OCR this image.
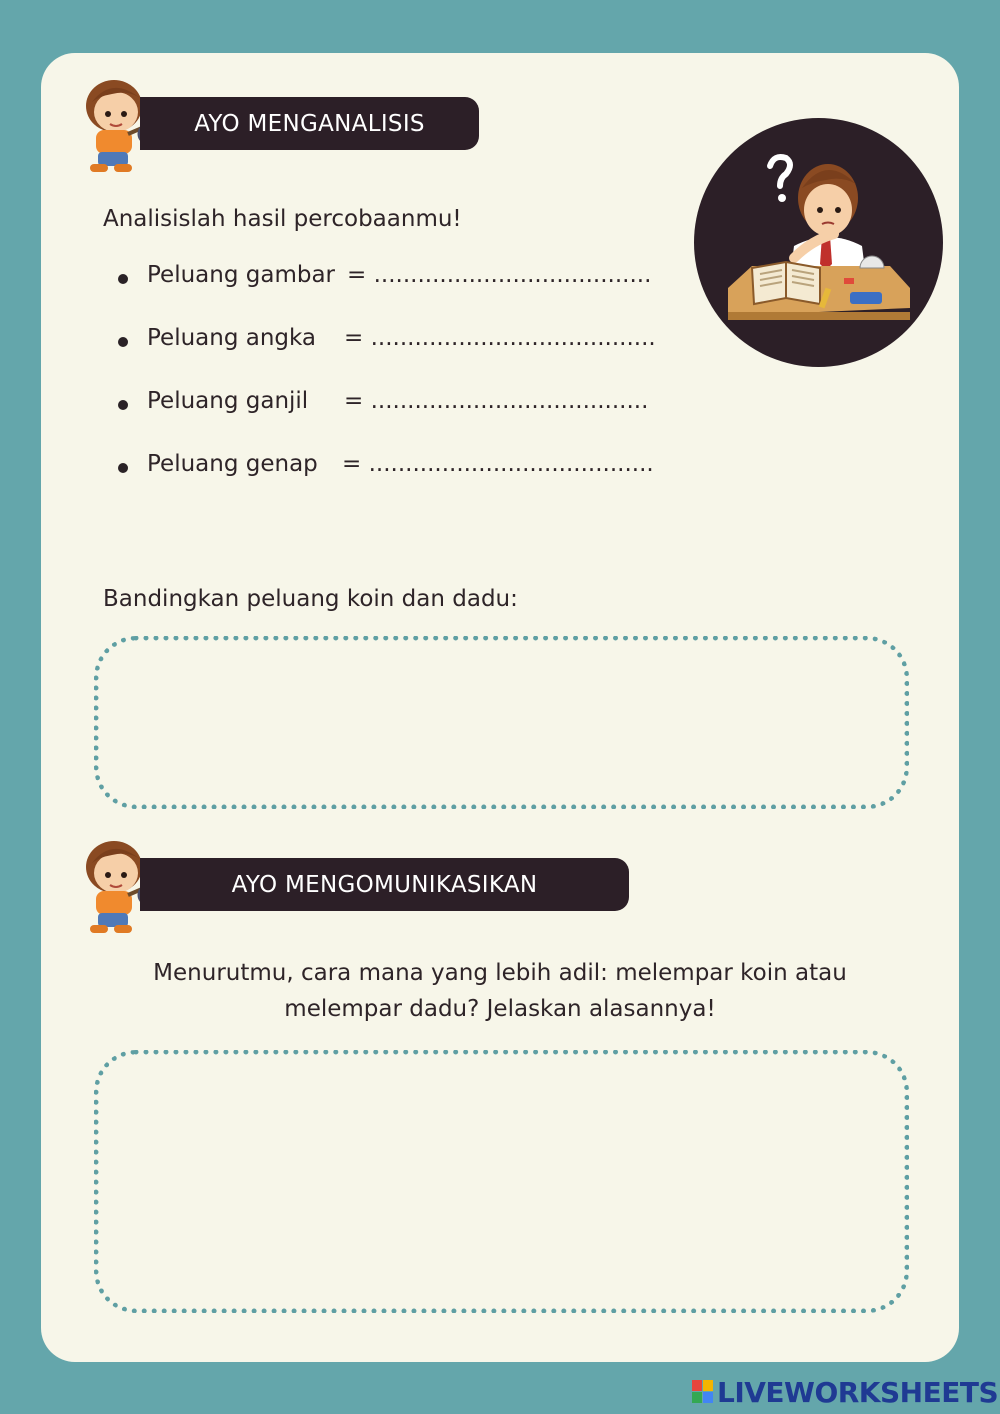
AYO MENGANALISIS
Analisislah hasil percobaanmu!
Peluang gambar = ......................................
Peluang angka = .......................................
Peluang ganjil = ......................................
Peluang genap = .......................................
Bandingkan peluang koin dan dadu:
AYO MENGOMUNIKASIKAN
Menurutmu, cara mana yang lebih adil: melempar koin atau
melempar dadu? Jelaskan alasannya!
LIVEWORKSHEETS
